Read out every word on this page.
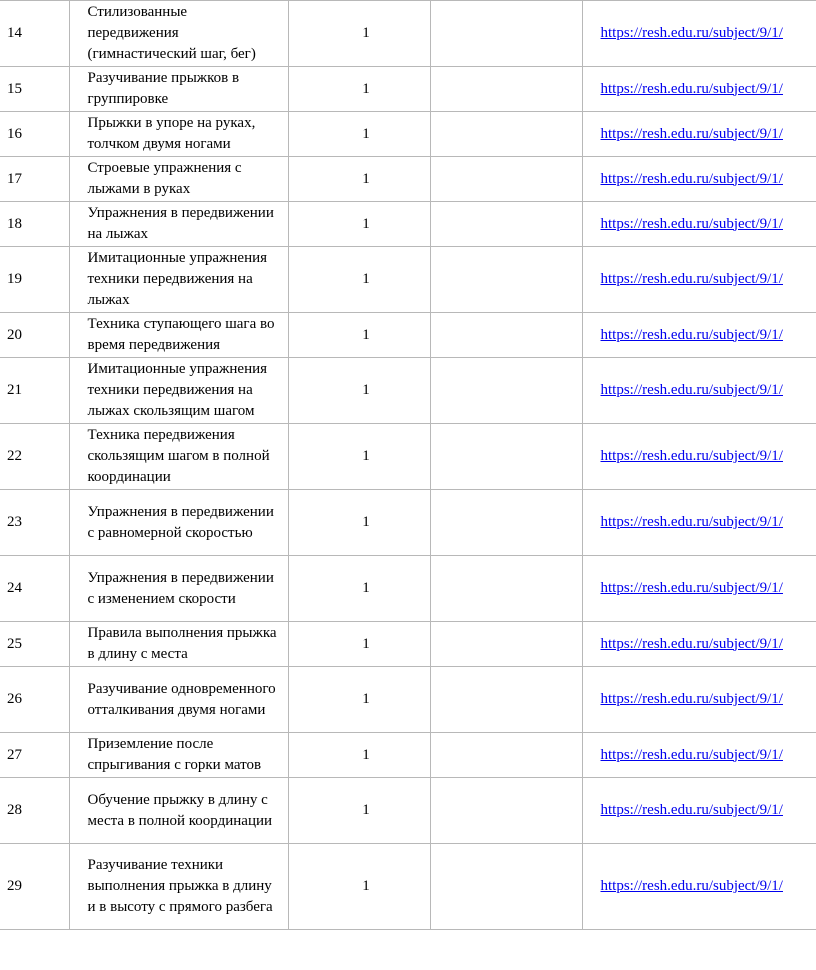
14	Стилизованные передвижения (гимнастический шаг, бег)	1		https://resh.edu.ru/subject/9/1/
15	Разучивание прыжков в группировке	1		https://resh.edu.ru/subject/9/1/
16	Прыжки в упоре на руках, толчком двумя ногами	1		https://resh.edu.ru/subject/9/1/
17	Строевые упражнения с лыжами в руках	1		https://resh.edu.ru/subject/9/1/
18	Упражнения в передвижении на лыжах	1		https://resh.edu.ru/subject/9/1/
19	Имитационные упражнения техники передвижения на лыжах	1		https://resh.edu.ru/subject/9/1/
20	Техника ступающего шага во время передвижения	1		https://resh.edu.ru/subject/9/1/
21	Имитационные упражнения техники передвижения на лыжах скользящим шагом	1		https://resh.edu.ru/subject/9/1/
22	Техника передвижения скользящим шагом в полной координации	1		https://resh.edu.ru/subject/9/1/
23	Упражнения в передвижении с равномерной скоростью	1		https://resh.edu.ru/subject/9/1/
24	Упражнения в передвижении с изменением скорости	1		https://resh.edu.ru/subject/9/1/
25	Правила выполнения прыжка в длину с места	1		https://resh.edu.ru/subject/9/1/
26	Разучивание одновременного отталкивания двумя ногами	1		https://resh.edu.ru/subject/9/1/
27	Приземление после спрыгивания с горки матов	1		https://resh.edu.ru/subject/9/1/
28	Обучение прыжку в длину с места в полной координации	1		https://resh.edu.ru/subject/9/1/
29	Разучивание техники выполнения прыжка в длину и в высоту с прямого разбега	1		https://resh.edu.ru/subject/9/1/
